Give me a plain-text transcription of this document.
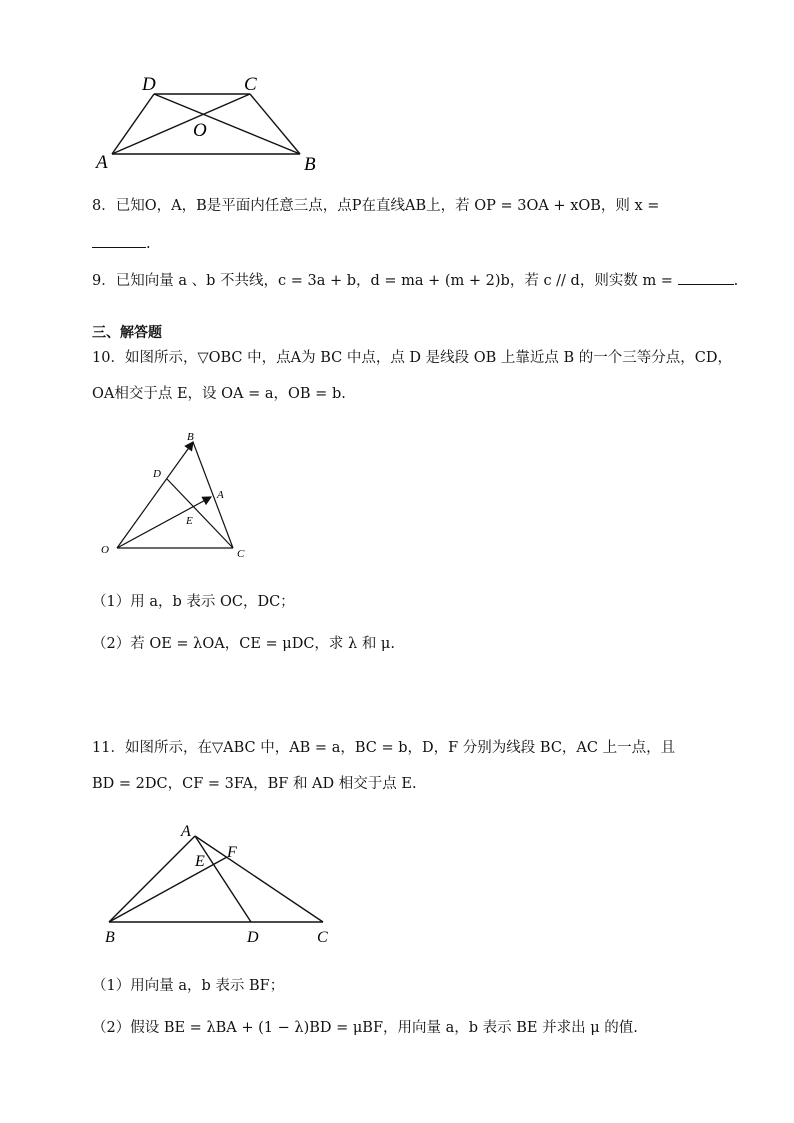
D	C
O
A	B
8．已知O，A，B是平面内任意三点，点P在直线AB上，若 OP = 3OA + xOB，则 x =
.
9．已知向量 a 、b 不共线，c = 3a + b，d = ma + (m + 2)b，若 c // d，则实数 m =	.
三、解答题
10．如图所示，▽OBC 中，点A为 BC 中点，点 D 是线段 OB 上靠近点 B 的一个三等分点，CD，
OA相交于点 E，设 OA = a，OB = b.
B
D
A
E
O	C
（1）用 a，b 表示 OC，DC；
（2）若 OE = λOA，CE = μDC，求 λ 和 μ.
11．如图所示，在▽ABC 中，AB = a，BC = b，D，F 分别为线段 BC，AC 上一点，且
BD = 2DC，CF = 3FA，BF 和 AD 相交于点 E.
A
E
F
B	D	C
（1）用向量 a，b 表示 BF；
（2）假设 BE = λBA + (1 − λ)BD = μBF，用向量 a，b 表示 BE 并求出 μ 的值.
